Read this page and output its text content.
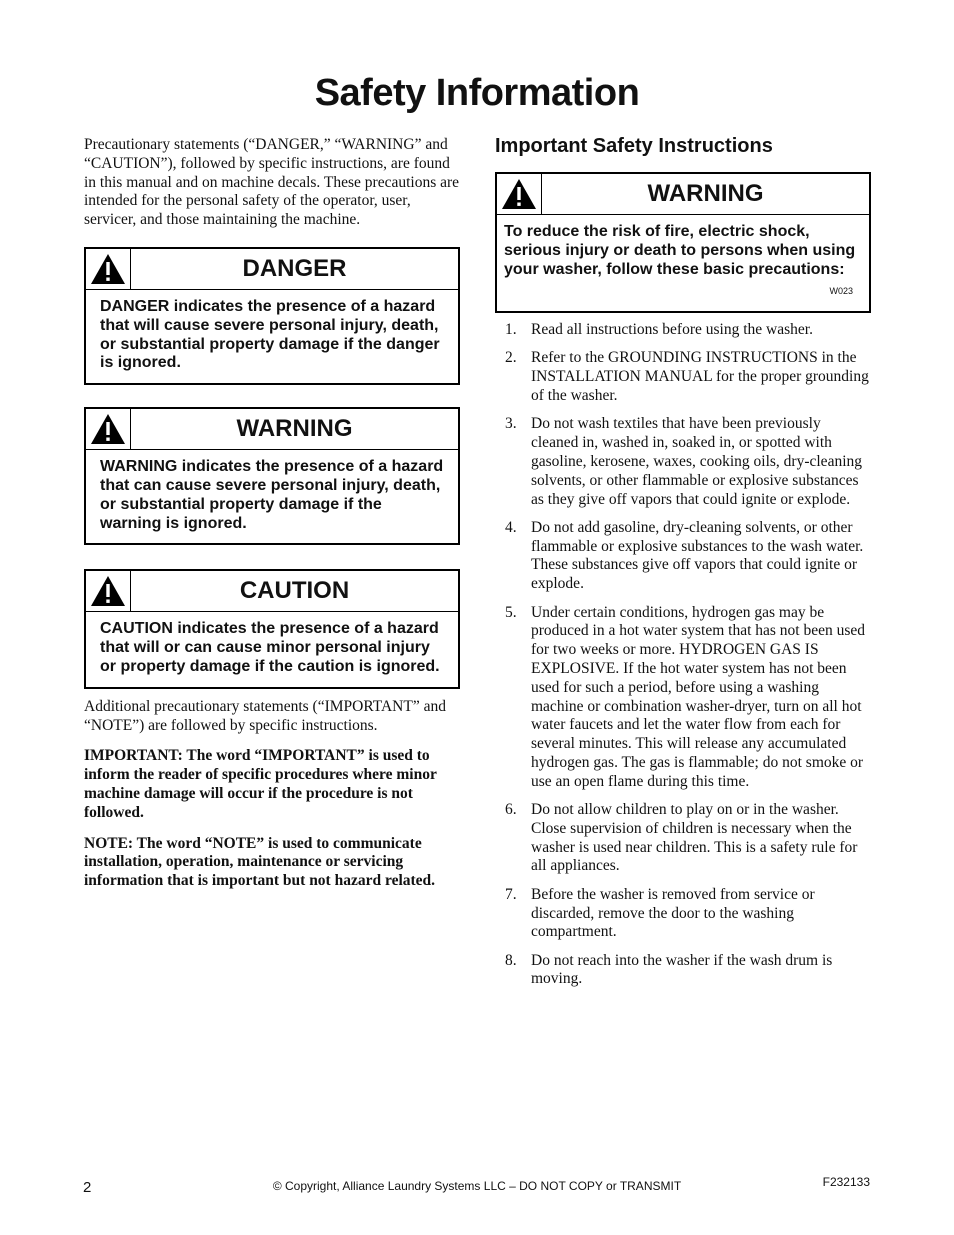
Safety Information

Precautionary statements (“DANGER,” “WARNING” and “CAUTION”), followed by specific instructions, are found in this manual and on machine decals. These precautions are intended for the personal safety of the operator, user, servicer, and those maintaining the machine.

DANGER
DANGER indicates the presence of a hazard that will cause severe personal injury, death, or substantial property damage if the danger is ignored.
WARNING
WARNING indicates the presence of a hazard that can cause severe personal injury, death, or substantial property damage if the warning is ignored.
CAUTION
CAUTION indicates the presence of a hazard that will or can cause minor personal injury or property damage if the caution is ignored.

Additional precautionary statements (“IMPORTANT” and “NOTE”) are followed by specific instructions.

IMPORTANT: The word “IMPORTANT” is used to inform the reader of specific procedures where minor machine damage will occur if the procedure is not followed.

NOTE: The word “NOTE” is used to communicate installation, operation, maintenance or servicing information that is important but not hazard related.

Important Safety Instructions
WARNING
To reduce the risk of fire, electric shock, serious injury or death to persons when using your washer, follow these basic precautions:
W023
1. Read all instructions before using the washer.
2. Refer to the GROUNDING INSTRUCTIONS in the INSTALLATION MANUAL for the proper grounding of the washer.
3. Do not wash textiles that have been previously cleaned in, washed in, soaked in, or spotted with gasoline, kerosene, waxes, cooking oils, dry-cleaning solvents, or other flammable or explosive substances as they give off vapors that could ignite or explode.
4. Do not add gasoline, dry-cleaning solvents, or other flammable or explosive substances to the wash water. These substances give off vapors that could ignite or explode.
5. Under certain conditions, hydrogen gas may be produced in a hot water system that has not been used for two weeks or more. HYDROGEN GAS IS EXPLOSIVE. If the hot water system has not been used for such a period, before using a washing machine or combination washer-dryer, turn on all hot water faucets and let the water flow from each for several minutes. This will release any accumulated hydrogen gas. The gas is flammable; do not smoke or use an open flame during this time.
6. Do not allow children to play on or in the washer. Close supervision of children is necessary when the washer is used near children. This is a safety rule for all appliances.
7. Before the washer is removed from service or discarded, remove the door to the washing compartment.
8. Do not reach into the washer if the wash drum is moving.
2	© Copyright, Alliance Laundry Systems LLC – DO NOT COPY or TRANSMIT	F232133
